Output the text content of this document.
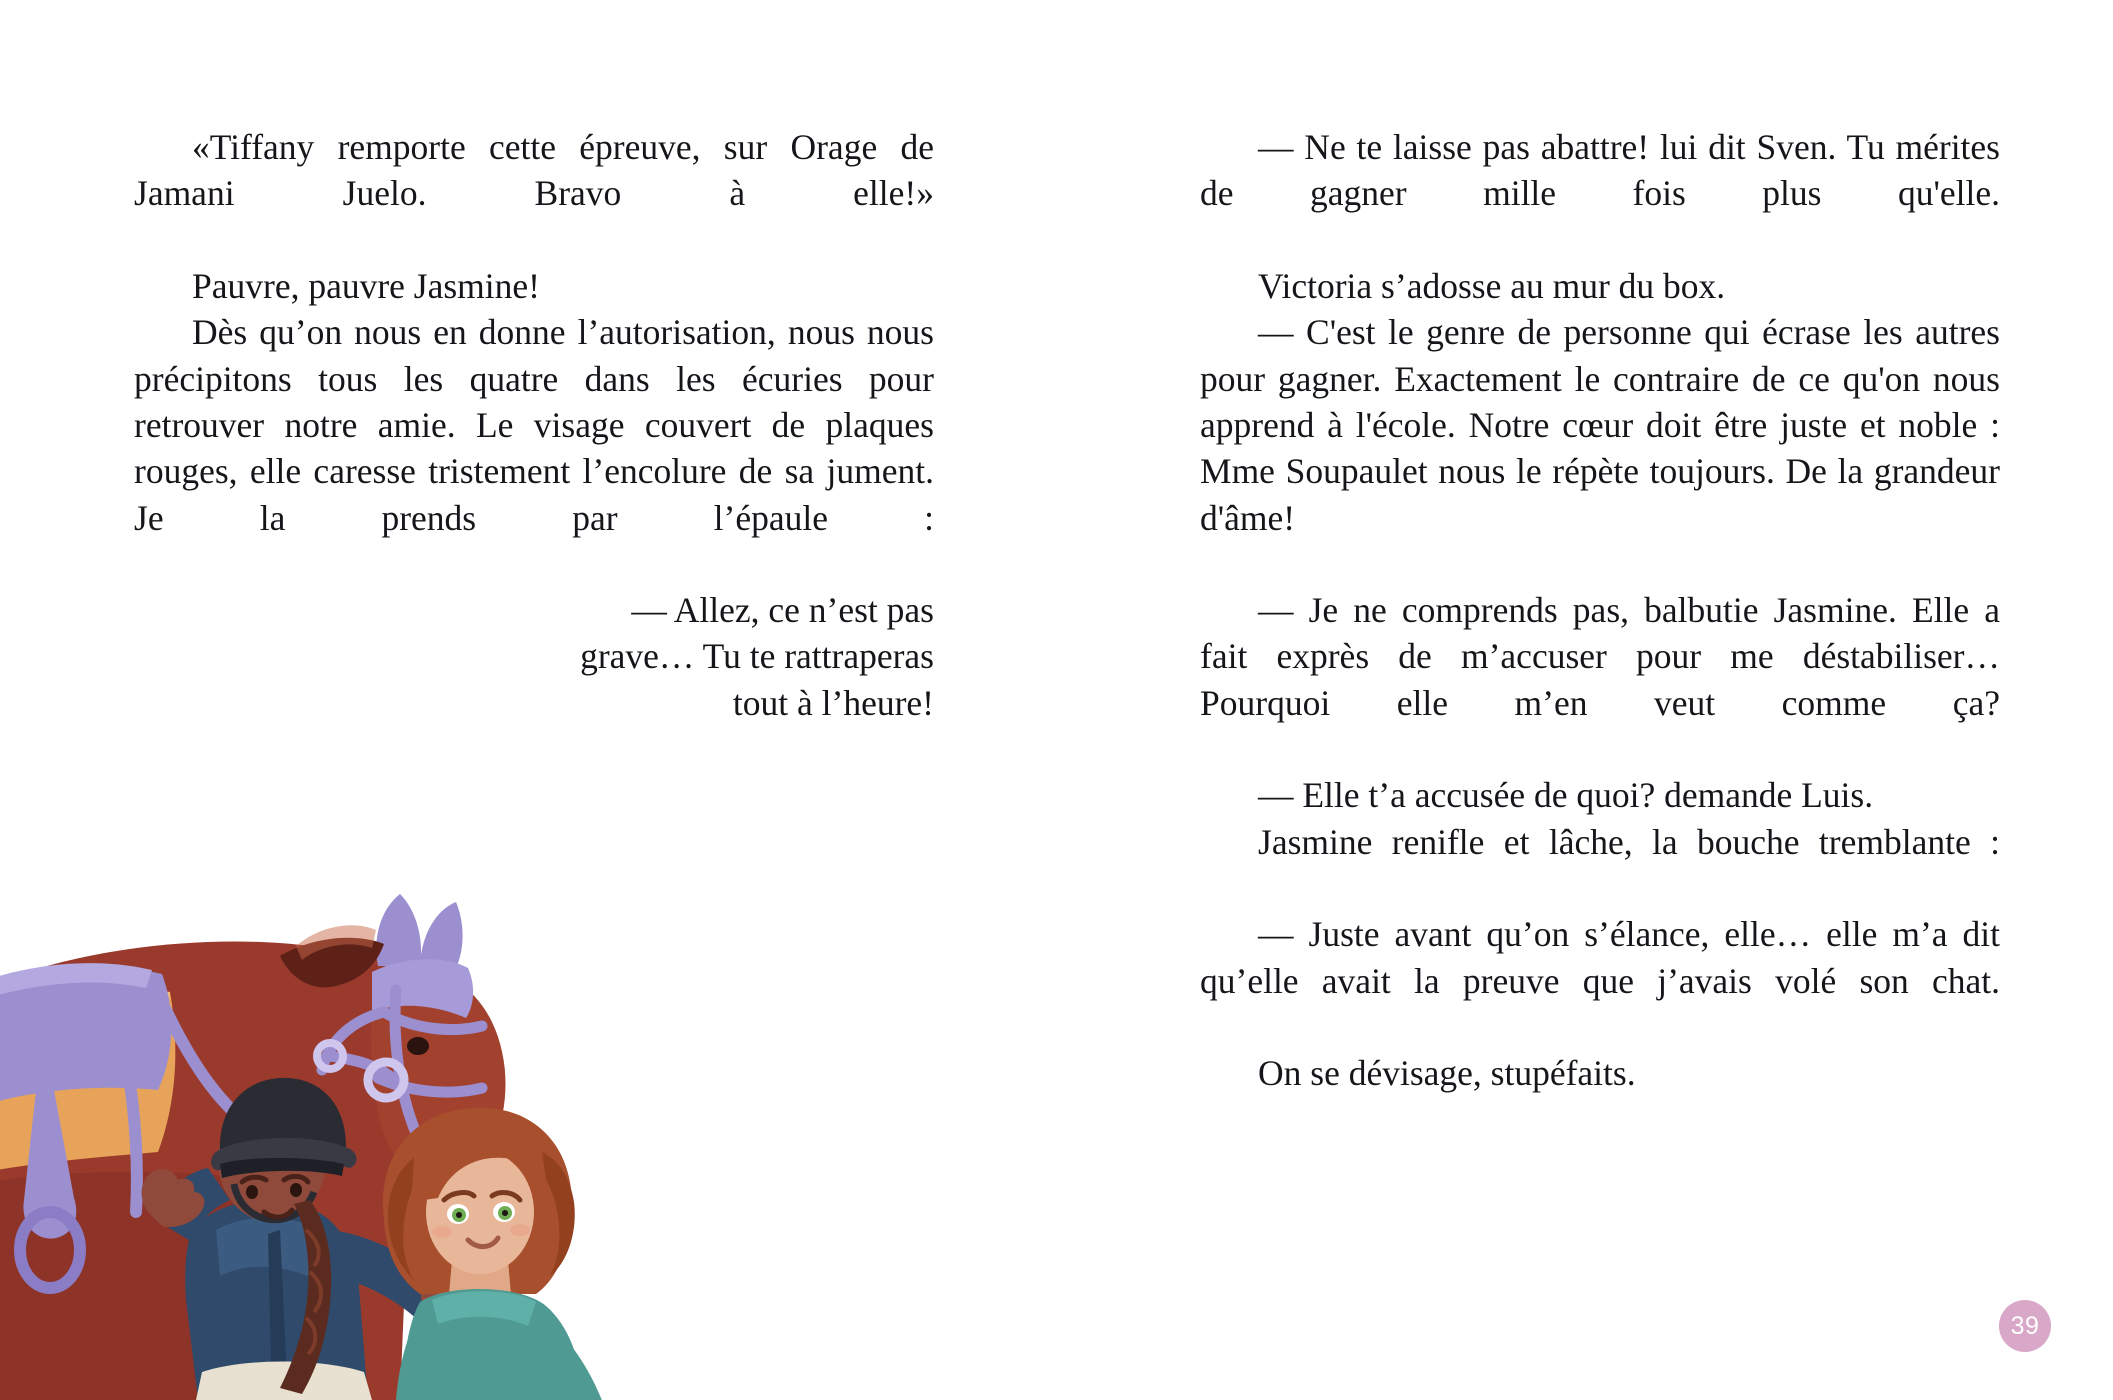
«Tiffany remporte cette épreuve, sur Orage de Jamani Juelo. Bravo à elle!»

Pauvre, pauvre Jasmine!

Dès qu’on nous en donne l’autorisation, nous nous précipitons tous les quatre dans les écuries pour retrouver notre amie. Le visage couvert de plaques rouges, elle caresse tristement l’encolure de sa jument. Je la prends par l’épaule :

— Allez, ce n’est pas grave… Tu te rattraperas tout à l’heure!

— Ne te laisse pas abattre! lui dit Sven. Tu mérites de gagner mille fois plus qu'elle.

Victoria s’adosse au mur du box.

— C'est le genre de personne qui écrase les autres pour gagner. Exactement le contraire de ce qu'on nous apprend à l'école. Notre cœur doit être juste et noble : Mme Soupaulet nous le répète toujours. De la grandeur d'âme!

— Je ne comprends pas, balbutie Jasmine. Elle a fait exprès de m’accuser pour me déstabiliser… Pourquoi elle m’en veut comme ça?

— Elle t’a accusée de quoi? demande Luis.

Jasmine renifle et lâche, la bouche tremblante :

— Juste avant qu’on s’élance, elle… elle m’a dit qu’elle avait la preuve que j’avais volé son chat.

On se dévisage, stupéfaits.

39
